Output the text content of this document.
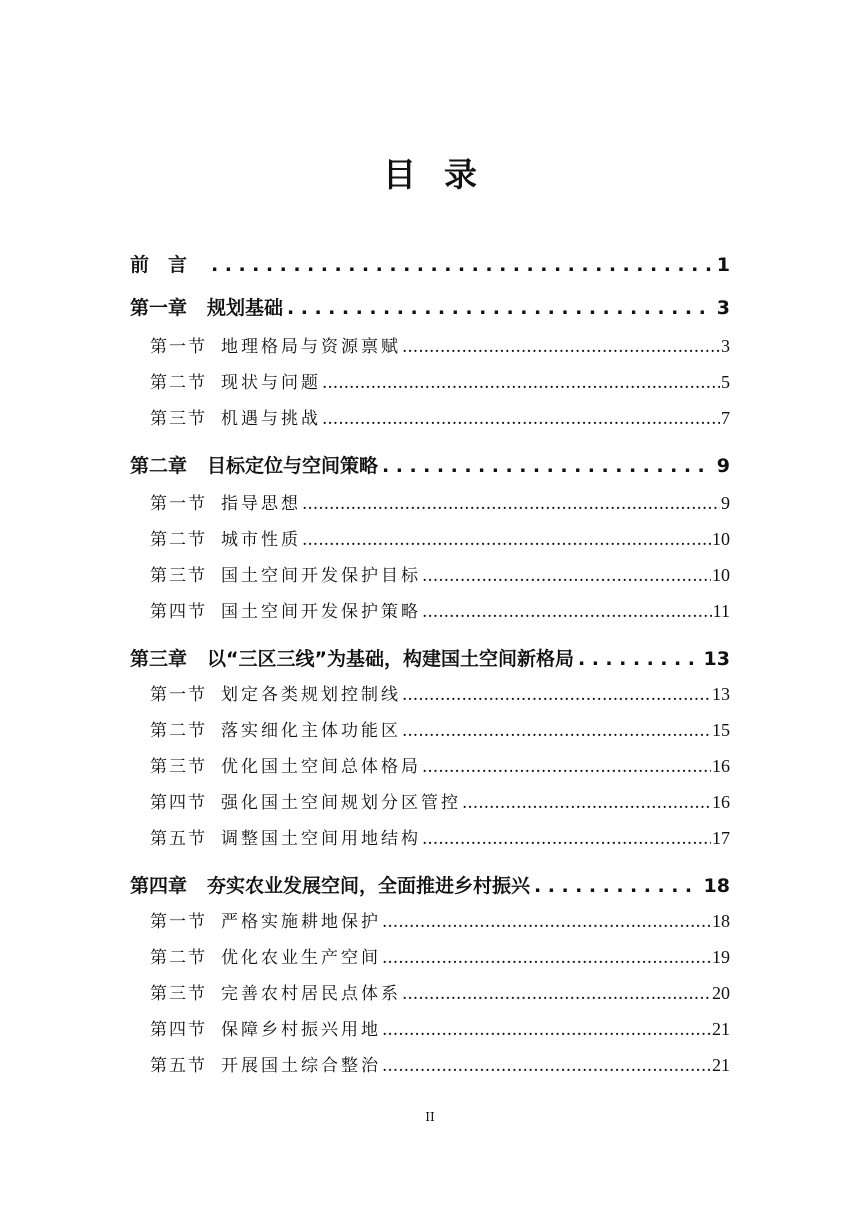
目录
前　言 .....	1
第一章 规划基础 .....	3
第一节 地理格局与资源禀赋 .....	3
第二节 现状与问题 .....	5
第三节 机遇与挑战 .....	7
第二章 目标定位与空间策略 .....	9
第一节 指导思想 .....	9
第二节 城市性质 .....	10
第三节 国土空间开发保护目标 .....	10
第四节 国土空间开发保护策略 .....	11
第三章 以“三区三线”为基础，构建国土空间新格局 .....	13
第一节 划定各类规划控制线 .....	13
第二节 落实细化主体功能区 .....	15
第三节 优化国土空间总体格局 .....	16
第四节 强化国土空间规划分区管控 .....	16
第五节 调整国土空间用地结构 .....	17
第四章 夯实农业发展空间，全面推进乡村振兴 .....	18
第一节 严格实施耕地保护 .....	18
第二节 优化农业生产空间 .....	19
第三节 完善农村居民点体系 .....	20
第四节 保障乡村振兴用地 .....	21
第五节 开展国土综合整治 .....	21
II
